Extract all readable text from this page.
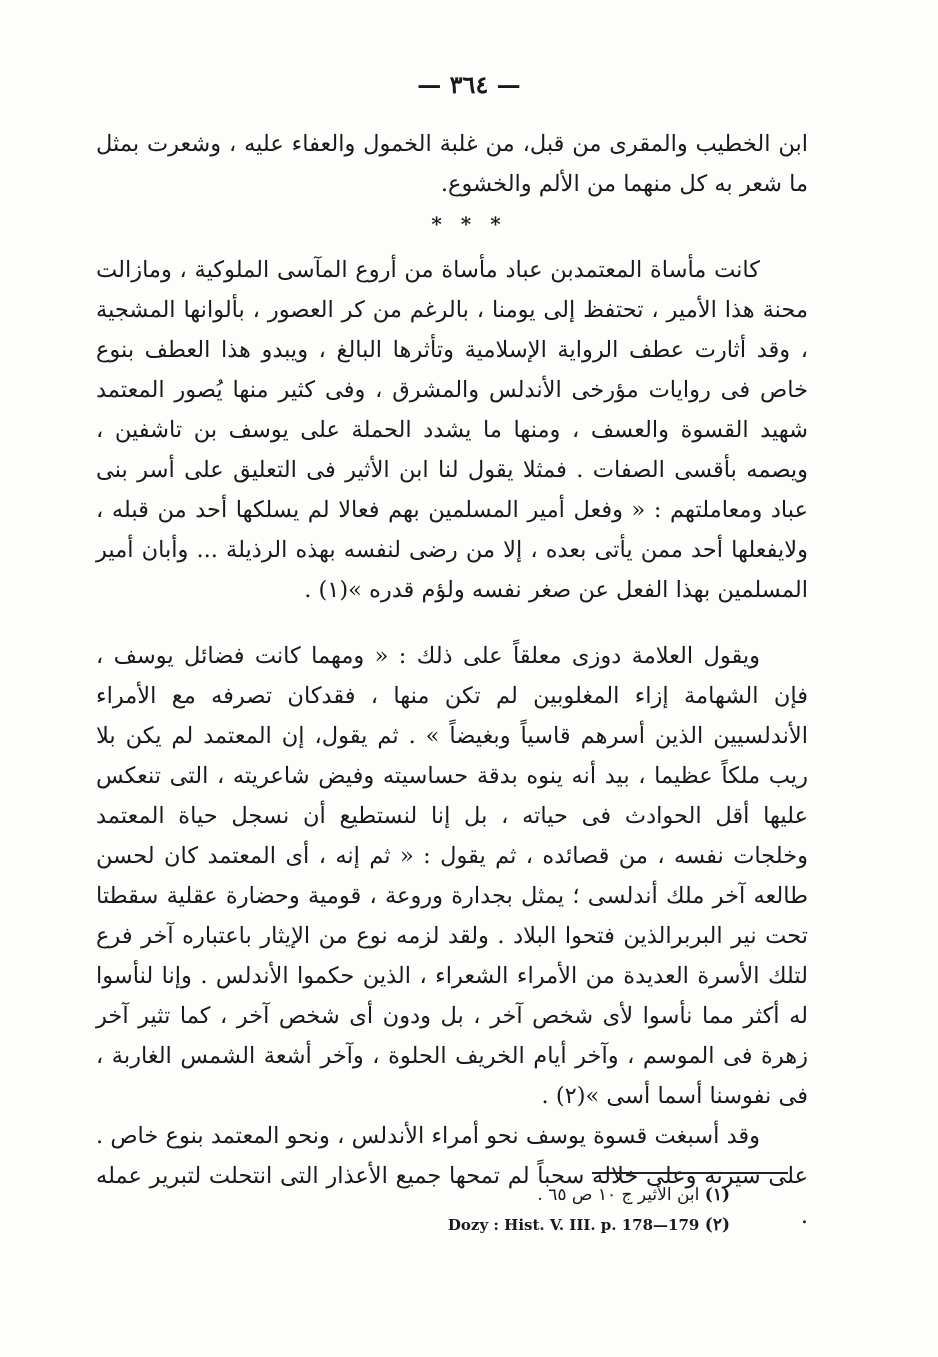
— ٣٦٤ —

ابن الخطيب والمقرى من قبل، من غلبة الخمول والعفاء عليه ، وشعرت بمثل ما شعر به كل منهما من الألم والخشوع.

* * *

كانت مأساة المعتمدبن عباد مأساة من أروع المآسى الملوكية ، ومازالت محنة هذا الأمير ، تحتفظ إلى يومنا ، بالرغم من كر العصور ، بألوانها المشجية ، وقد أثارت عطف الرواية الإسلامية وتأثرها البالغ ، ويبدو هذا العطف بنوع خاص فى روايات مؤرخى الأندلس والمشرق ، وفى كثير منها يُصور المعتمد شهيد القسوة والعسف ، ومنها ما يشدد الحملة على يوسف بن تاشفين ، ويصمه بأقسى الصفات . فمثلا يقول لنا ابن الأثير فى التعليق على أسر بنى عباد ومعاملتهم : « وفعل أمير المسلمين بهم فعالا لم يسلكها أحد من قبله ، ولايفعلها أحد ممن يأتى بعده ، إلا من رضى لنفسه بهذه الرذيلة ... وأبان أمير المسلمين بهذا الفعل عن صغر نفسه ولؤم قدره »(١) .

ويقول العلامة دوزى معلقاً على ذلك : « ومهما كانت فضائل يوسف ، فإن الشهامة إزاء المغلوبين لم تكن منها ، فقدكان تصرفه مع الأمراء الأندلسيين الذين أسرهم قاسياً وبغيضاً » . ثم يقول، إن المعتمد لم يكن بلا ريب ملكاً عظيما ، بيد أنه ينوه بدقة حساسيته وفيض شاعريته ، التى تنعكس عليها أقل الحوادث فى حياته ، بل إنا لنستطيع أن نسجل حياة المعتمد وخلجات نفسه ، من قصائده ، ثم يقول : « ثم إنه ، أى المعتمد كان لحسن طالعه آخر ملك أندلسى ؛ يمثل بجدارة وروعة ، قومية وحضارة عقلية سقطتا تحت نير البربرالذين فتحوا البلاد . ولقد لزمه نوع من الإيثار باعتباره آخر فرع لتلك الأسرة العديدة من الأمراء الشعراء ، الذين حكموا الأندلس . وإنا لنأسوا له أكثر مما نأسوا لأى شخص آخر ، بل ودون أى شخص آخر ، كما تثير آخر زهرة فى الموسم ، وآخر أيام الخريف الحلوة ، وآخر أشعة الشمس الغاربة ، فى نفوسنا أسما أسى »(٢) .

وقد أسبغت قسوة يوسف نحو أمراء الأندلس ، ونحو المعتمد بنوع خاص . على سيرته وعلى خلاله سحباً لم تمحها جميع الأعذار التى انتحلت لتبرير عمله .

(١) ابن الأثير ج ١٠ ص ٦٥ .
(٢) Dozy : Hist. V. III. p. 178—179
